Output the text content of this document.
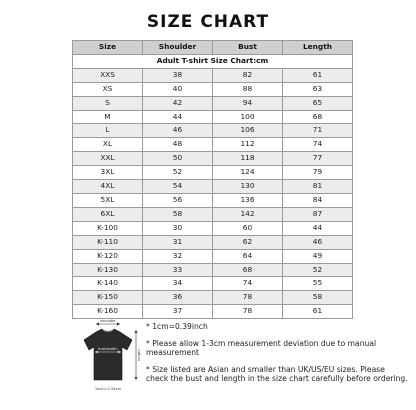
SIZE CHART
Size	Shoulder	Bust	Length
Adult T-shirt Size Chart:cm			
XXS	38	82	61
XS	40	88	63
S	42	94	65
M	44	100	68
L	46	106	71
XL	48	112	74
XXL	50	118	77
3XL	52	124	79
4XL	54	130	81
5XL	56	136	84
6XL	58	142	87
K-100	30	60	44
K-110	31	62	46
K-120	32	64	49
K-130	33	68	52
K-140	34	74	55
K-150	36	78	58
K-160	37	78	61
shoulder
bust(width)
length
1inch=2.54cm

* 1cm=0.39inch

* Please allow 1-3cm measurement deviation due to manual measurement

* Size listed are Asian and smaller than UK/US/EU sizes. Please check the bust and length in the size chart carefully before ordering.
